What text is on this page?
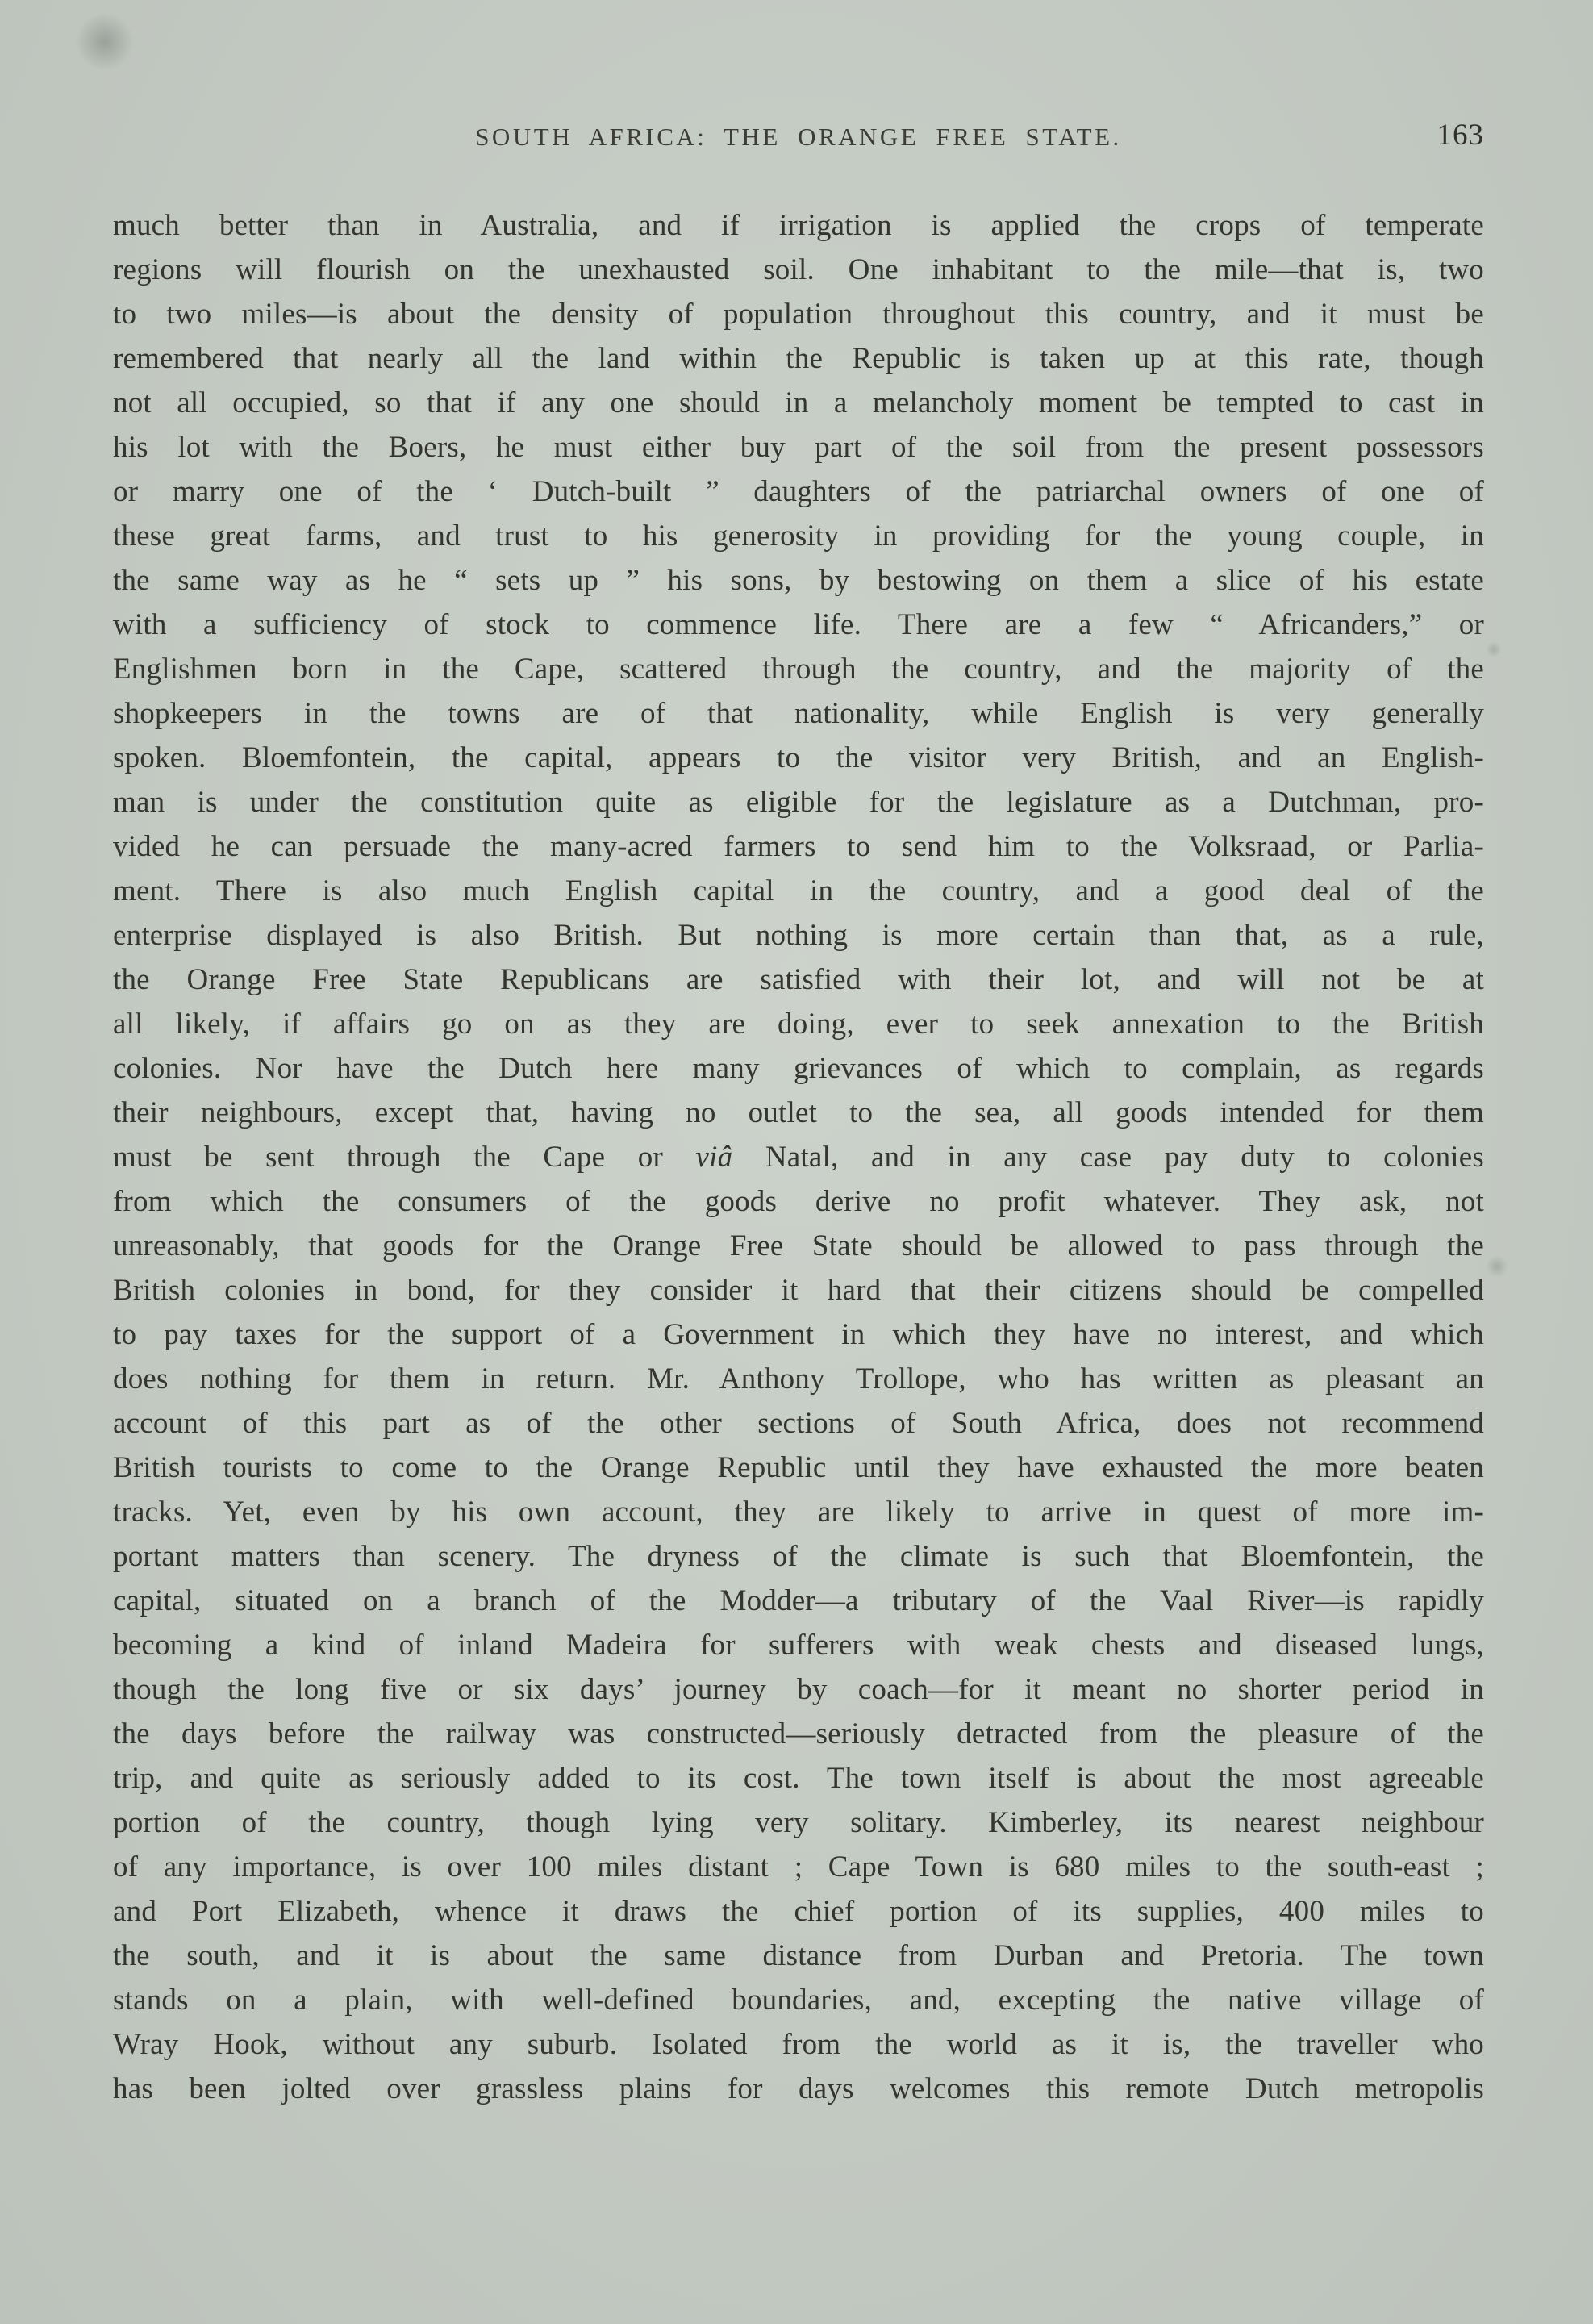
SOUTH AFRICA: THE ORANGE FREE STATE.	163
much better than in Australia, and if irrigation is applied the crops of temperate
regions will flourish on the unexhausted soil. One inhabitant to the mile—that is, two
to two miles—is about the density of population throughout this country, and it must be
remembered that nearly all the land within the Republic is taken up at this rate, though
not all occupied, so that if any one should in a melancholy moment be tempted to cast in
his lot with the Boers, he must either buy part of the soil from the present possessors
or marry one of the ‘ Dutch-built ” daughters of the patriarchal owners of one of
these great farms, and trust to his generosity in providing for the young couple, in
the same way as he “ sets up ” his sons, by bestowing on them a slice of his estate
with a sufficiency of stock to commence life. There are a few “ Africanders,” or
Englishmen born in the Cape, scattered through the country, and the majority of the
shopkeepers in the towns are of that nationality, while English is very generally
spoken. Bloemfontein, the capital, appears to the visitor very British, and an English-
man is under the constitution quite as eligible for the legislature as a Dutchman, pro-
vided he can persuade the many-acred farmers to send him to the Volksraad, or Parlia-
ment. There is also much English capital in the country, and a good deal of the
enterprise displayed is also British. But nothing is more certain than that, as a rule,
the Orange Free State Republicans are satisfied with their lot, and will not be at
all likely, if affairs go on as they are doing, ever to seek annexation to the British
colonies. Nor have the Dutch here many grievances of which to complain, as regards
their neighbours, except that, having no outlet to the sea, all goods intended for them
must be sent through the Cape or viâ Natal, and in any case pay duty to colonies
from which the consumers of the goods derive no profit whatever. They ask, not
unreasonably, that goods for the Orange Free State should be allowed to pass through the
British colonies in bond, for they consider it hard that their citizens should be compelled
to pay taxes for the support of a Government in which they have no interest, and which
does nothing for them in return. Mr. Anthony Trollope, who has written as pleasant an
account of this part as of the other sections of South Africa, does not recommend
British tourists to come to the Orange Republic until they have exhausted the more beaten
tracks. Yet, even by his own account, they are likely to arrive in quest of more im-
portant matters than scenery. The dryness of the climate is such that Bloemfontein, the
capital, situated on a branch of the Modder—a tributary of the Vaal River—is rapidly
becoming a kind of inland Madeira for sufferers with weak chests and diseased lungs,
though the long five or six days’ journey by coach—for it meant no shorter period in
the days before the railway was constructed—seriously detracted from the pleasure of the
trip, and quite as seriously added to its cost. The town itself is about the most agreeable
portion of the country, though lying very solitary. Kimberley, its nearest neighbour
of any importance, is over 100 miles distant ; Cape Town is 680 miles to the south-east ;
and Port Elizabeth, whence it draws the chief portion of its supplies, 400 miles to
the south, and it is about the same distance from Durban and Pretoria. The town
stands on a plain, with well-defined boundaries, and, excepting the native village of
Wray Hook, without any suburb. Isolated from the world as it is, the traveller who
has been jolted over grassless plains for days welcomes this remote Dutch metropolis
